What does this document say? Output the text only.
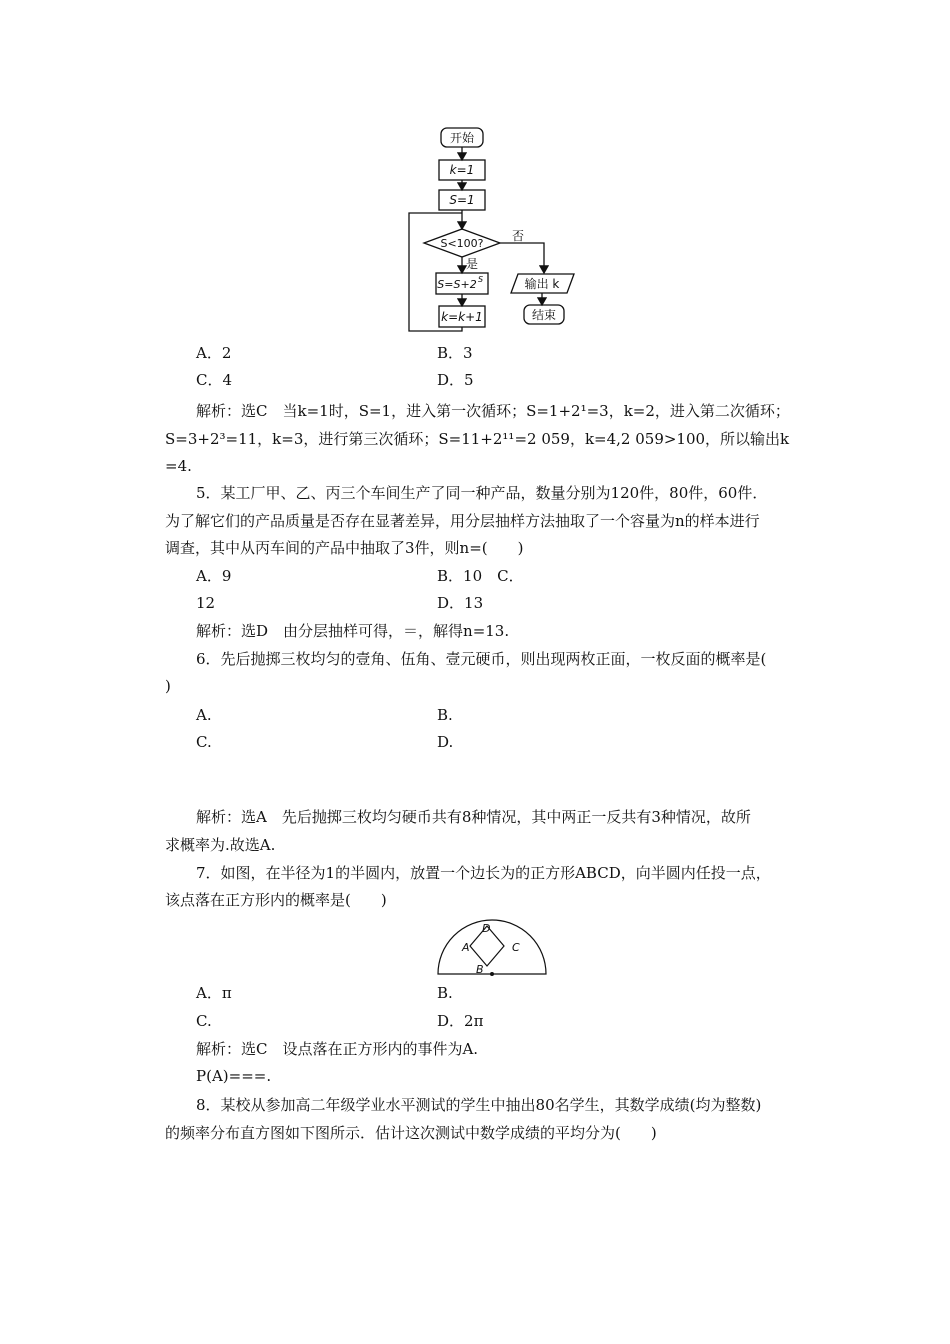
开始
k=1
S=1
S<100?
否
是
S=S+2 S
k=k+1
输出 k
结束
A．2	B．3
C．4	D．5
解析：选C　 当k=1时，S=1，进入第一次循环；S=1+2¹=3，k=2，进入第二次循环；
S=3+2³=11，k=3，进行第三次循环；S=11+2¹¹=2 059，k=4,2 059>100，所以输出k
=4.
5．某工厂甲、乙、丙三个车间生产了同一种产品，数量分别为120件，80件，60件．
为了解它们的产品质量是否存在显著差异，用分层抽样方法抽取了一个容量为n的样本进行
调查，其中从丙车间的产品中抽取了3件，则n=(　　)
A．9	B．10　C．
12	D．13
解析：选D　由分层抽样可得，＝，解得n=13.
6．先后抛掷三枚均匀的壹角、伍角、壹元硬币，则出现两枚正面，一枚反面的概率是(
)
A.	B.
C.	D.
解析：选A　先后抛掷三枚均匀硬币共有8种情况，其中两正一反共有3种情况，故所
求概率为.故选A.
7．如图，在半径为1的半圆内，放置一个边长为的正方形ABCD，向半圆内任投一点，
该点落在正方形内的概率是(　　)
A
B
C
D
A．π	B.
C.	D．2π
解析：选C　设点落在正方形内的事件为A.
P(A)===.
8．某校从参加高二年级学业水平测试的学生中抽出80名学生，其数学成绩(均为整数)
的频率分布直方图如下图所示．估计这次测试中数学成绩的平均分为(　　)
